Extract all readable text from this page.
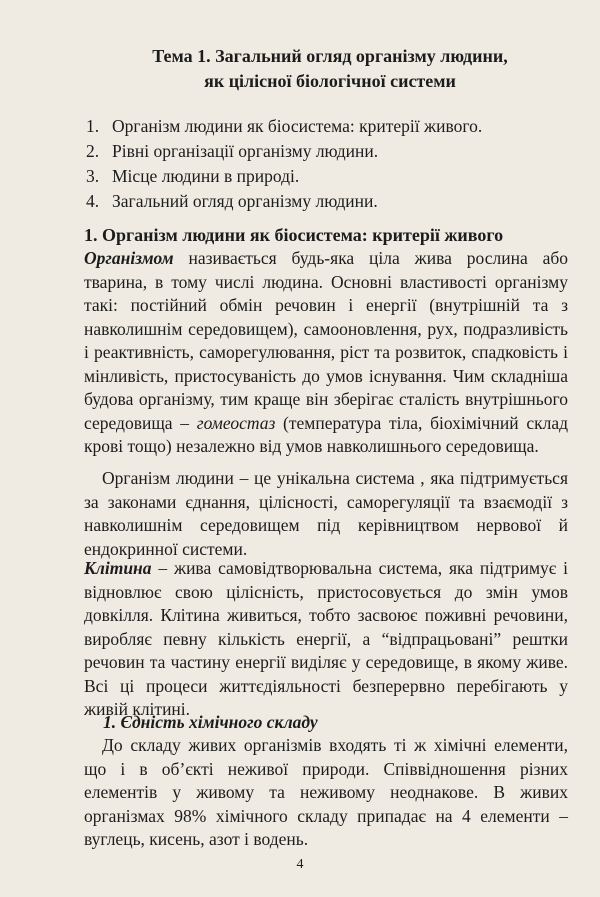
Тема 1. Загальний огляд організму людини,
як цілісної біологічної системи
1. Організм людини як біосистема: критерії живого.
2. Рівні організації організму людини.
3. Місце людини в природі.
4. Загальний огляд організму людини.
1. Організм людини як біосистема: критерії живого

Організмом називається будь-яка ціла жива рослина або тварина, в тому числі людина. Основні властивості організму такі: постійний обмін речовин і енергії (внутрішній та з навколишнім середовищем), самооновлення, рух, подразливість і реактивність, саморегулювання, ріст та розвиток, спадковість і мінливість, пристосуваність до умов існування. Чим складніша будова організму, тим краще він зберігає сталість внутрішнього середовища – гомеостаз (температура тіла, біохімічний склад крові тощо) незалежно від умов навколишнього середовища.

Організм людини – це унікальна система , яка підтримується за законами єднання, цілісності, саморегуляції та взаємодії з навколишнім середовищем під керівництвом нервової й ендокринної системи.

Клітина – жива самовідтворювальна система, яка підтримує і відновлює свою цілісність, пристосовується до змін умов довкілля. Клітина живиться, тобто засвоює поживні речовини, виробляє певну кількість енергії, а “відпрацьовані” рештки речовин та частину енергії виділяє у середовище, в якому живе. Всі ці процеси життєдіяльності безперервно перебігають у живій клітині.

1. Єдність хімічного складу

До складу живих організмів входять ті ж хімічні елементи, що і в об’єкті неживої природи. Співвідношення різних елементів у живому та неживому неоднакове. В живих організмах 98% хімічного складу припадає на 4 елементи – вуглець, кисень, азот і водень.

4
